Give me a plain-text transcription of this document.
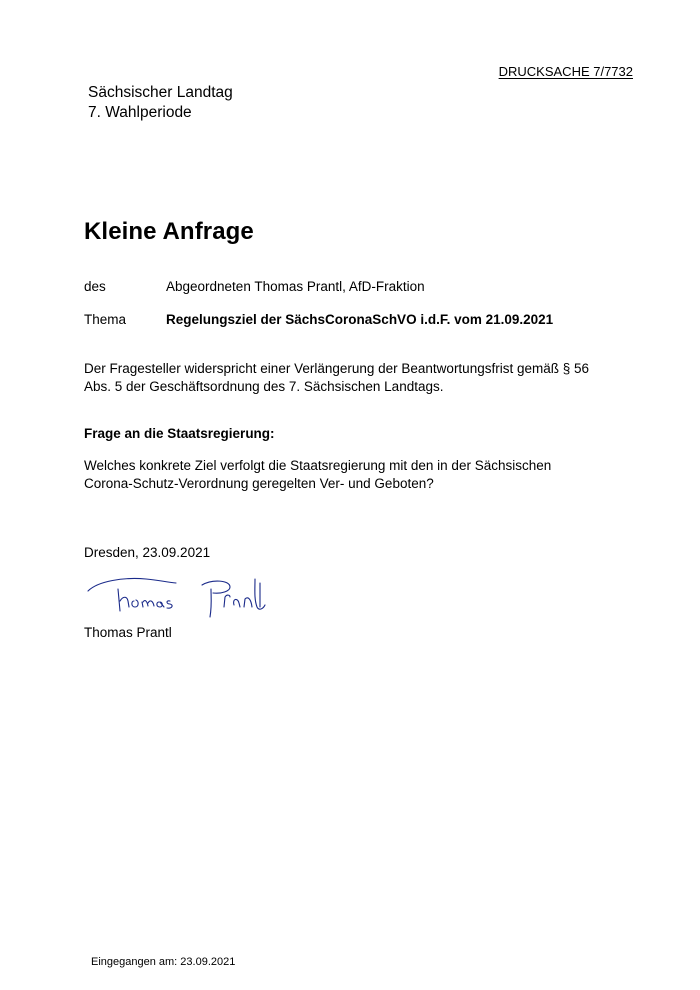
DRUCKSACHE 7/7732
Sächsischer Landtag
7. Wahlperiode
Kleine Anfrage
des	Abgeordneten Thomas Prantl, AfD-Fraktion
Thema	Regelungsziel der SächsCoronaSchVO i.d.F. vom 21.09.2021
Der Fragesteller widerspricht einer Verlängerung der Beantwortungsfrist gemäß § 56
Abs. 5 der Geschäftsordnung des 7. Sächsischen Landtags.
Frage an die Staatsregierung:
Welches konkrete Ziel verfolgt die Staatsregierung mit den in der Sächsischen
Corona-Schutz-Verordnung geregelten Ver- und Geboten?
Dresden, 23.09.2021
Thomas Prantl
Thomas Prantl
Eingegangen am: 23.09.2021
